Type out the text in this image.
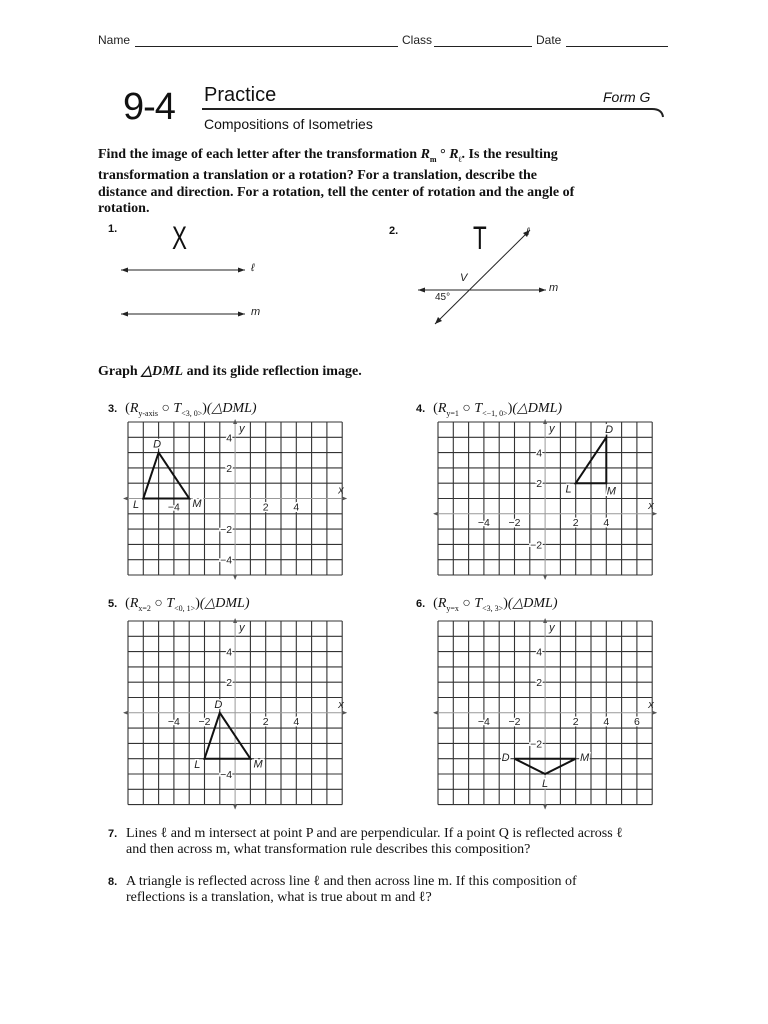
Name	Class	Date
9-4 Practice	Form G
Compositions of Isometries
Find the image of each letter after the transformation $R_m$ ° $R_\ell$. Is the resulting transformation a translation or a rotation? For a translation, describe the distance and direction. For a rotation, tell the center of rotation and the angle of rotation.
1. X
ℓ
m
2. T	ℓ
m
V
45°
Graph △DML and its glide reflection image.
3.  ($R_{y-axis}$ ○ $T_{<3, 0>})(\triangle DML)$	4.  ($R_{y=1}$ ○ $T_{<-1, 0>})(\triangle DML)$
x
y
−4	2 4
4
2
−2
−4
D
M
L	x
y
−4 −2	2 4
4
2
−2
D
M
L
5.  ($R_{x=2}$ ○ $T_{<0, 1>})(\triangle DML)$	6.  ($R_{y=x}$ ○ $T_{<3, 3>})(\triangle DML)$
x
y
−4 −2	2 4
4
2
−4
D
M
L
x
y
−4 −2	2 4 6
4
2
−2
D	M
L
7. Lines ℓ and m intersect at point P and are perpendicular. If a point Q is reflected across ℓ and then across m, what transformation rule describes this composition?
8. A triangle is reflected across line ℓ and then across line m. If this composition of reflections is a translation, what is true about m and ℓ?
